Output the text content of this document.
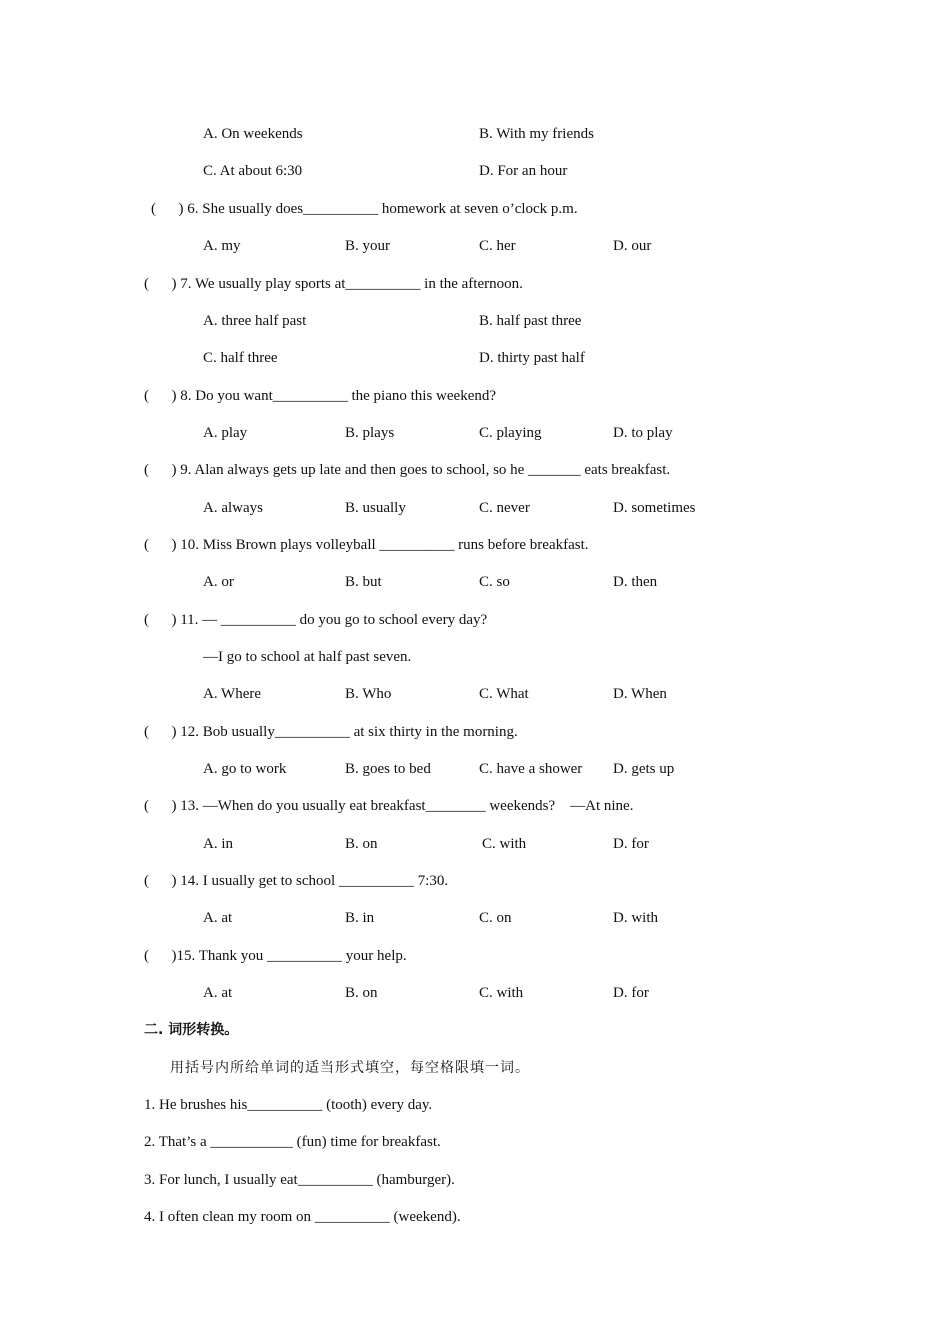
A. On weekends	B. With my friends
C. At about 6:30	D. For an hour
(      ) 6. She usually does__________ homework at seven o’clock p.m.
A. my	B. your	C. her	D. our
(      ) 7. We usually play sports at__________ in the afternoon.
A. three half past	B. half past three
C. half three	D. thirty past half
(      ) 8. Do you want__________ the piano this weekend?
A. play	B. plays	C. playing	D. to play
(      ) 9. Alan always gets up late and then goes to school, so he _______ eats breakfast.
A. always	B. usually	C. never	D. sometimes
(      ) 10. Miss Brown plays volleyball __________ runs before breakfast.
A. or	B. but	C. so	D. then
(      ) 11. — __________ do you go to school every day?
—I go to school at half past seven.
A. Where	B. Who	C. What	D. When
(      ) 12. Bob usually__________ at six thirty in the morning.
A. go to work	B. goes to bed	C. have a shower D. gets up
(      ) 13. —When do you usually eat breakfast________ weekends?    —At nine.
A. in	B. on	C. with	D. for
(      ) 14. I usually get to school __________ 7:30.
A. at	B. in	C. on	D. with
(      )15. Thank you __________ your help.
A. at	B. on	C. with	D. for
二. 词形转换。
用括号内所给单词的适当形式填空，每空格限填一词。
1. He brushes his__________ (tooth) every day.
2. That’s a ___________ (fun) time for breakfast.
3. For lunch, I usually eat__________ (hamburger).
4. I often clean my room on __________ (weekend).
